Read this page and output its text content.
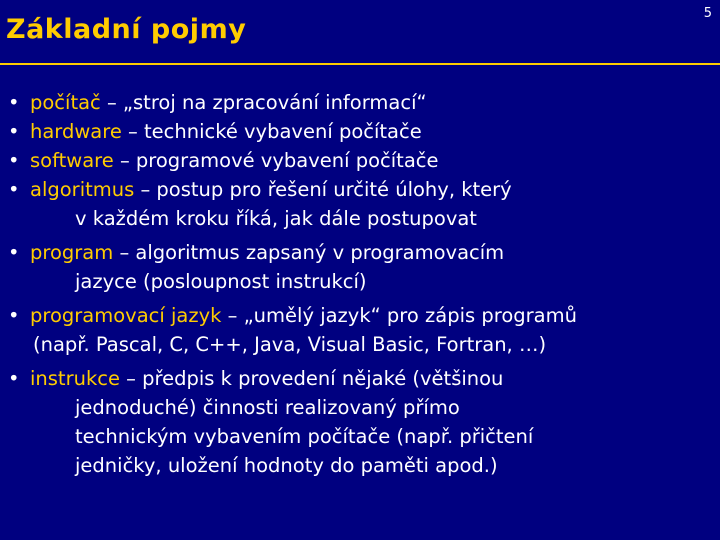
Základní pojmy
5
• počítač – „stroj na zpracování informací“
• hardware – technické vybavení počítače
• software – programové vybavení počítače
• algoritmus – postup pro řešení určité úlohy, který
v každém kroku říká, jak dále postupovat
• program – algoritmus zapsaný v programovacím
jazyce (posloupnost instrukcí)
• programovací jazyk – „umělý jazyk“ pro zápis programů
(např. Pascal, C, C++, Java, Visual Basic, Fortran, …)
• instrukce – předpis k provedení nějaké (většinou
jednoduché) činnosti realizovaný přímo
technickým vybavením počítače (např. přičtení
jedničky, uložení hodnoty do paměti apod.)
